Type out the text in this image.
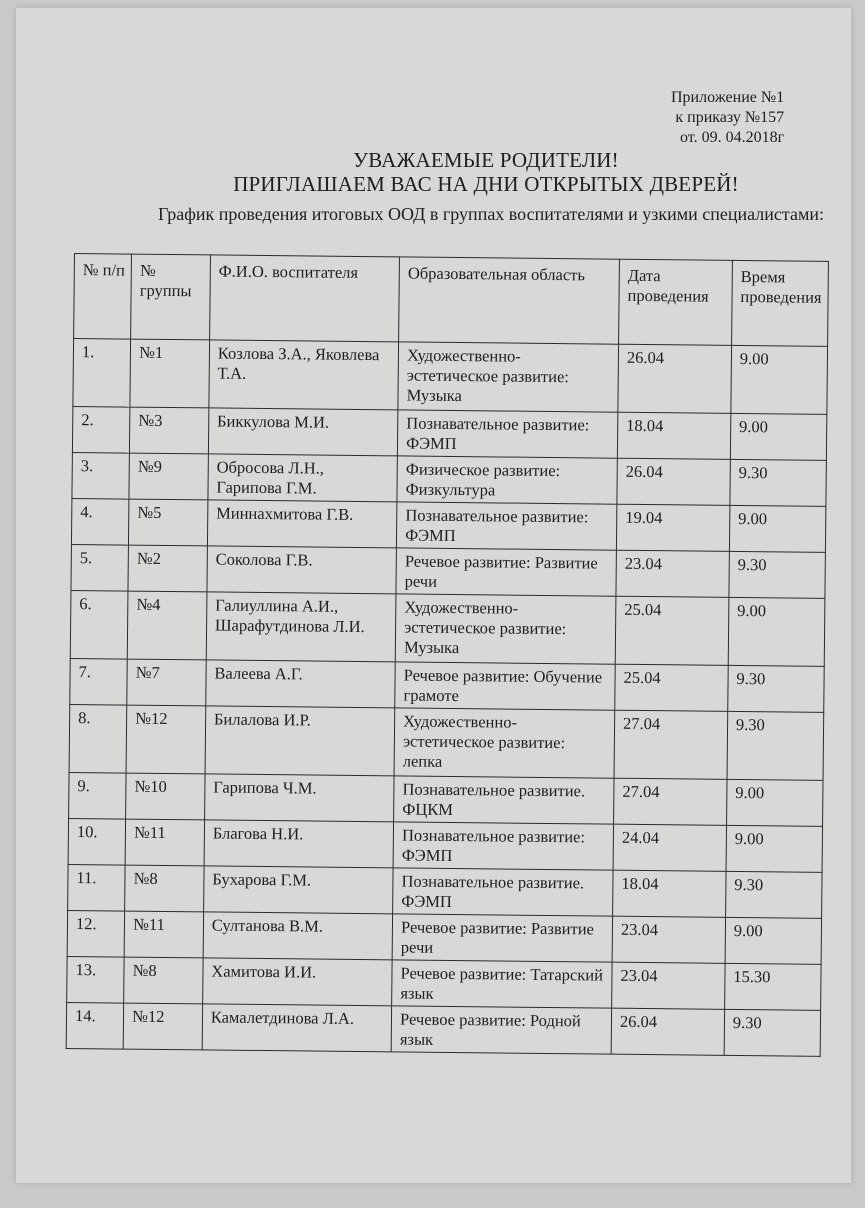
Приложение №1
к приказу №157
от. 09. 04.2018г
УВАЖАЕМЫЕ РОДИТЕЛИ!
ПРИГЛАШАЕМ ВАС НА ДНИ ОТКРЫТЫХ ДВЕРЕЙ!
График проведения итоговых ООД в группах воспитателями и узкими специалистами:
№ п/п	№ группы	Ф.И.О. воспитателя	Образовательная область	Дата проведения	Время проведения
1.	№1	Козлова З.А., Яковлева Т.А.	Художественно-эстетическое развитие: Музыка	26.04	9.00
2.	№3	Биккулова М.И.	Познавательное развитие: ФЭМП	18.04	9.00
3.	№9	Обросова Л.Н., Гарипова Г.М.	Физическое развитие: Физкультура	26.04	9.30
4.	№5	Миннахмитова Г.В.	Познавательное развитие: ФЭМП	19.04	9.00
5.	№2	Соколова Г.В.	Речевое развитие: Развитие речи	23.04	9.30
6.	№4	Галиуллина А.И., Шарафутдинова Л.И.	Художественно-эстетическое развитие: Музыка	25.04	9.00
7.	№7	Валеева А.Г.	Речевое развитие: Обучение грамоте	25.04	9.30
8.	№12	Билалова И.Р.	Художественно-эстетическое развитие: лепка	27.04	9.30
9.	№10	Гарипова Ч.М.	Познавательное развитие. ФЦКМ	27.04	9.00
10.	№11	Благова Н.И.	Познавательное развитие: ФЭМП	24.04	9.00
11.	№8	Бухарова Г.М.	Познавательное развитие. ФЭМП	18.04	9.30
12.	№11	Султанова В.М.	Речевое развитие: Развитие речи	23.04	9.00
13.	№8	Хамитова И.И.	Речевое развитие: Татарский язык	23.04	15.30
14.	№12	Камалетдинова Л.А.	Речевое развитие: Родной язык	26.04	9.30
